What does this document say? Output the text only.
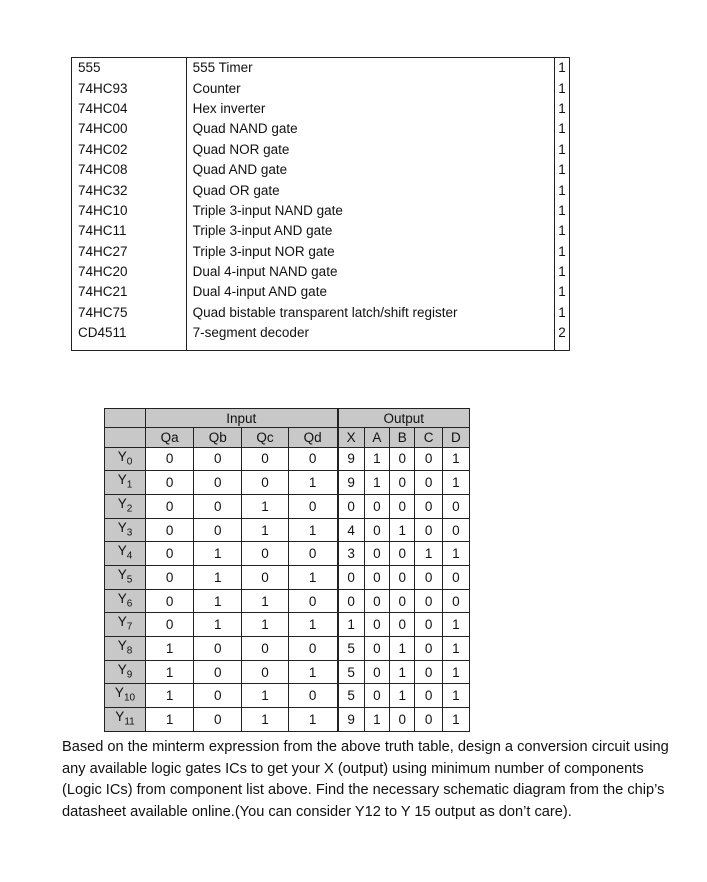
555	555 Timer	1
74HC93	Counter	1
74HC04	Hex inverter	1
74HC00	Quad NAND gate	1
74HC02	Quad NOR gate	1
74HC08	Quad AND gate	1
74HC32	Quad OR gate	1
74HC10	Triple 3-input NAND gate	1
74HC11	Triple 3-input AND gate	1
74HC27	Triple 3-input NOR gate	1
74HC20	Dual 4-input NAND gate	1
74HC21	Dual 4-input AND gate	1
74HC75	Quad bistable transparent latch/shift register	1
CD4511	7-segment decoder	2
	Input				Output				
	Qa	Qb	Qc	Qd	X	A	B	C	D
$Y_0$	0	0	0	0	9	1	0	0	1
$Y_1$	0	0	0	1	9	1	0	0	1
$Y_2$	0	0	1	0	0	0	0	0	0
$Y_3$	0	0	1	1	4	0	1	0	0
$Y_4$	0	1	0	0	3	0	0	1	1
$Y_5$	0	1	0	1	0	0	0	0	0
$Y_6$	0	1	1	0	0	0	0	0	0
$Y_7$	0	1	1	1	1	0	0	0	1
$Y_8$	1	0	0	0	5	0	1	0	1
$Y_9$	1	0	0	1	5	0	1	0	1
$Y_{10}$	1	0	1	0	5	0	1	0	1
$Y_{11}$	1	0	1	1	9	1	0	0	1

Based on the minterm expression from the above truth table, design a conversion circuit using any available logic gates ICs to get your X (output) using minimum number of components (Logic ICs) from component list above. Find the necessary schematic diagram from the chip’s datasheet available online.(You can consider Y12 to Y 15 output as don’t care).
